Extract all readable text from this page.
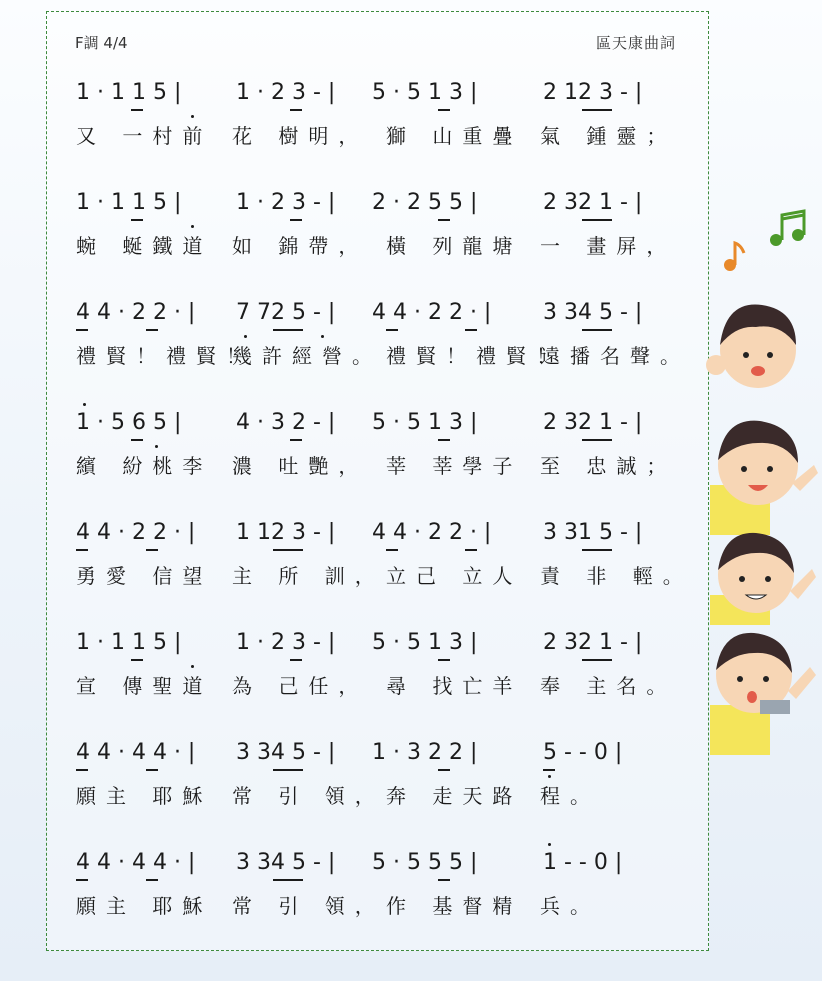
F調 4/4	區天康曲詞
1 · 1 1 5 | 1 · 2 3 - | 5 · 5 1 3 |	2 12 3 - |
又 一村前 花 樹明， 獅 山重疊 氣 鍾靈；
1 · 1 1 5 | 1 · 2 3 - | 2 · 2 5 5 |	2 32 1 - |
蜿 蜒鐵道 如 錦帶， 橫 列龍塘 一 畫屏，
4 4 · 2 2 · | 7 72 5 - | 4 4 · 2 2 · | 3 34 5 - |
禮賢！禮賢！
幾許經營。 禮賢！禮賢！
遠播名聲。
1 · 5 6 5 | 4 · 3 2 - | 5 · 5 1 3 |	2 32 1 - |
繽 紛桃李 濃 吐艷， 莘 莘學子 至 忠誠；
4 4 · 2 2 · | 1 12 3 - | 4 4 · 2 2 · | 3 31 5 - |
勇愛 信望 主 所 訓， 立己 立人 責 非 輕。
1 · 1 1 5 | 1 · 2 3 - | 5 · 5 1 3 |	2 32 1 - |
宣 傳聖道 為 己任， 尋 找亡羊 奉 主名。
4 4 · 4 4 · | 3 34 5 - | 1 · 3 2 2 |	5 - - 0 |
願主 耶穌 常 引 領， 奔 走天路 程。
4 4 · 4 4 · | 3 34 5 - | 5 · 5 5 5 |	1 - - 0 |
願主 耶穌 常 引 領， 作 基督精 兵。
